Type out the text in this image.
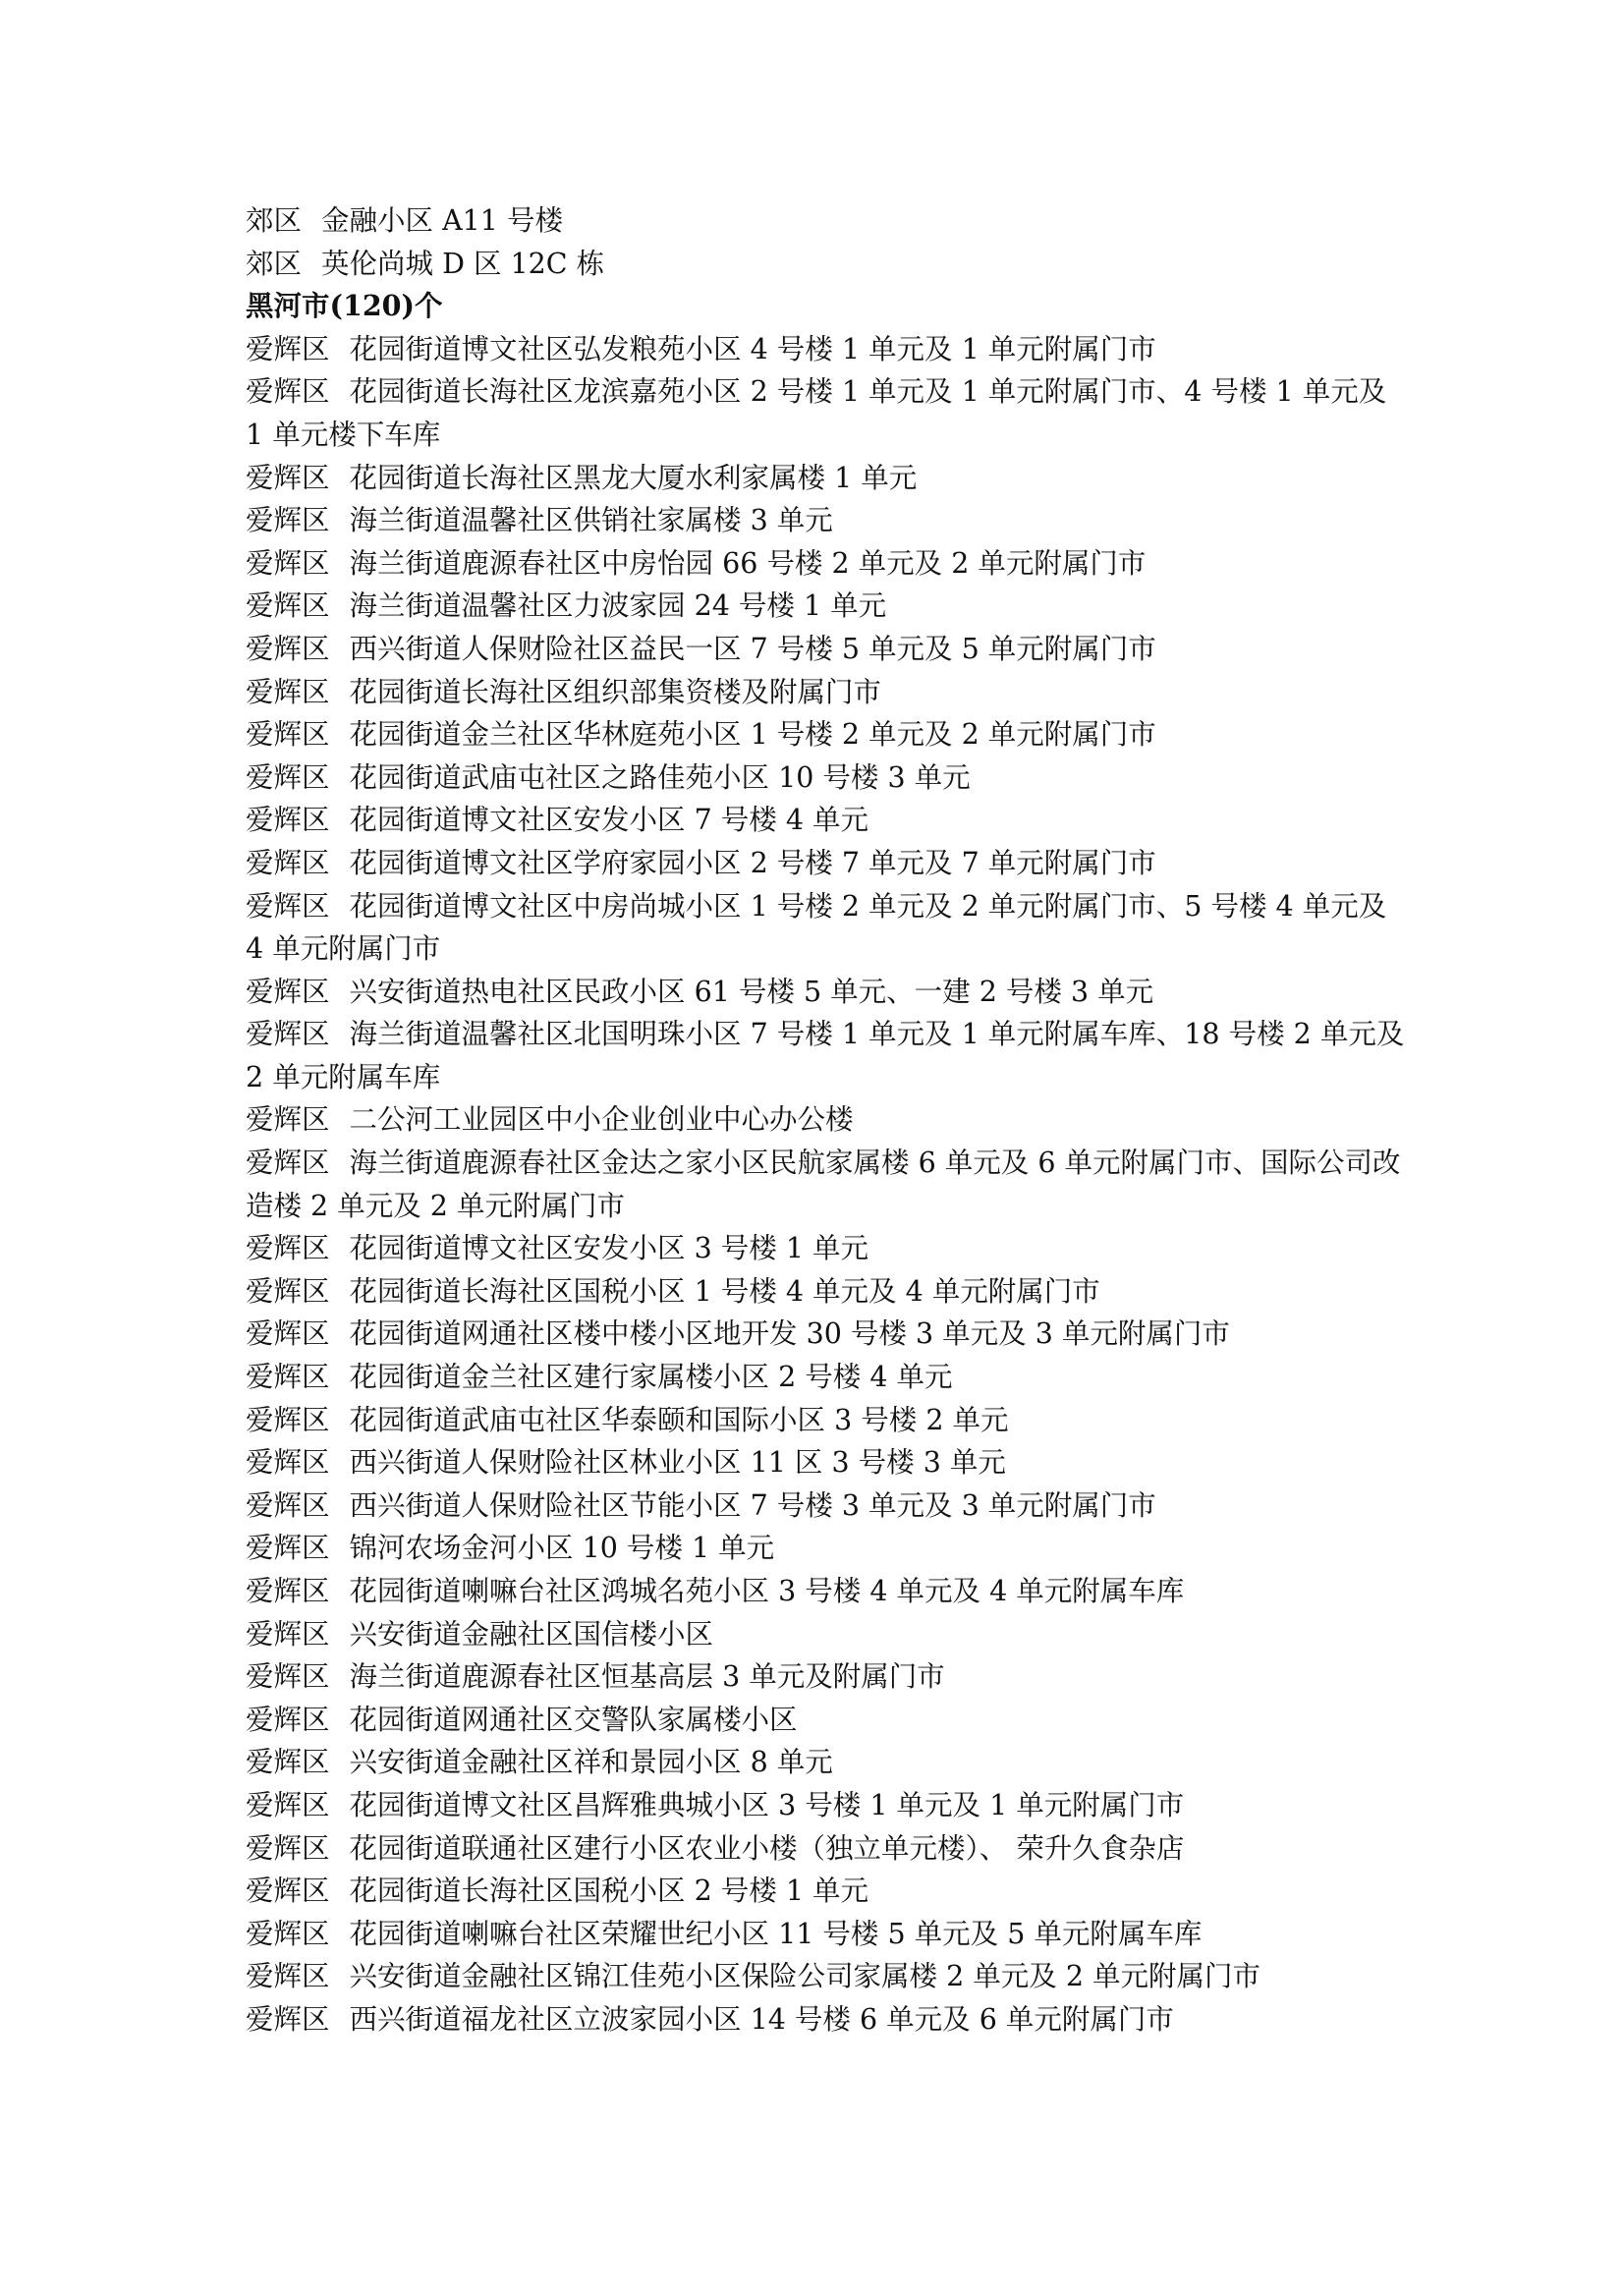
郊区 金融小区 A11 号楼
郊区 英伦尚城 D 区 12C 栋
黑河市(120)个
爱辉区 花园街道博文社区弘发粮苑小区 4 号楼 1 单元及 1 单元附属门市
爱辉区 花园街道长海社区龙滨嘉苑小区 2 号楼 1 单元及 1 单元附属门市、4 号楼 1 单元及 1 单元楼下车库
爱辉区 花园街道长海社区黑龙大厦水利家属楼 1 单元
爱辉区 海兰街道温馨社区供销社家属楼 3 单元
爱辉区 海兰街道鹿源春社区中房怡园 66 号楼 2 单元及 2 单元附属门市
爱辉区 海兰街道温馨社区力波家园 24 号楼 1 单元
爱辉区 西兴街道人保财险社区益民一区 7 号楼 5 单元及 5 单元附属门市
爱辉区 花园街道长海社区组织部集资楼及附属门市
爱辉区 花园街道金兰社区华林庭苑小区 1 号楼 2 单元及 2 单元附属门市
爱辉区 花园街道武庙屯社区之路佳苑小区 10 号楼 3 单元
爱辉区 花园街道博文社区安发小区 7 号楼 4 单元
爱辉区 花园街道博文社区学府家园小区 2 号楼 7 单元及 7 单元附属门市
爱辉区 花园街道博文社区中房尚城小区 1 号楼 2 单元及 2 单元附属门市、5 号楼 4 单元及 4 单元附属门市
爱辉区 兴安街道热电社区民政小区 61 号楼 5 单元、一建 2 号楼 3 单元
爱辉区 海兰街道温馨社区北国明珠小区 7 号楼 1 单元及 1 单元附属车库、18 号楼 2 单元及 2 单元附属车库
爱辉区 二公河工业园区中小企业创业中心办公楼
爱辉区 海兰街道鹿源春社区金达之家小区民航家属楼 6 单元及 6 单元附属门市、国际公司改造楼 2 单元及 2 单元附属门市
爱辉区 花园街道博文社区安发小区 3 号楼 1 单元
爱辉区 花园街道长海社区国税小区 1 号楼 4 单元及 4 单元附属门市
爱辉区 花园街道网通社区楼中楼小区地开发 30 号楼 3 单元及 3 单元附属门市
爱辉区 花园街道金兰社区建行家属楼小区 2 号楼 4 单元
爱辉区 花园街道武庙屯社区华泰颐和国际小区 3 号楼 2 单元
爱辉区 西兴街道人保财险社区林业小区 11 区 3 号楼 3 单元
爱辉区 西兴街道人保财险社区节能小区 7 号楼 3 单元及 3 单元附属门市
爱辉区 锦河农场金河小区 10 号楼 1 单元
爱辉区 花园街道喇嘛台社区鸿城名苑小区 3 号楼 4 单元及 4 单元附属车库
爱辉区 兴安街道金融社区国信楼小区
爱辉区 海兰街道鹿源春社区恒基高层 3 单元及附属门市
爱辉区 花园街道网通社区交警队家属楼小区
爱辉区 兴安街道金融社区祥和景园小区 8 单元
爱辉区 花园街道博文社区昌辉雅典城小区 3 号楼 1 单元及 1 单元附属门市
爱辉区 花园街道联通社区建行小区农业小楼（独立单元楼）、 荣升久食杂店
爱辉区 花园街道长海社区国税小区 2 号楼 1 单元
爱辉区 花园街道喇嘛台社区荣耀世纪小区 11 号楼 5 单元及 5 单元附属车库
爱辉区 兴安街道金融社区锦江佳苑小区保险公司家属楼 2 单元及 2 单元附属门市
爱辉区 西兴街道福龙社区立波家园小区 14 号楼 6 单元及 6 单元附属门市
